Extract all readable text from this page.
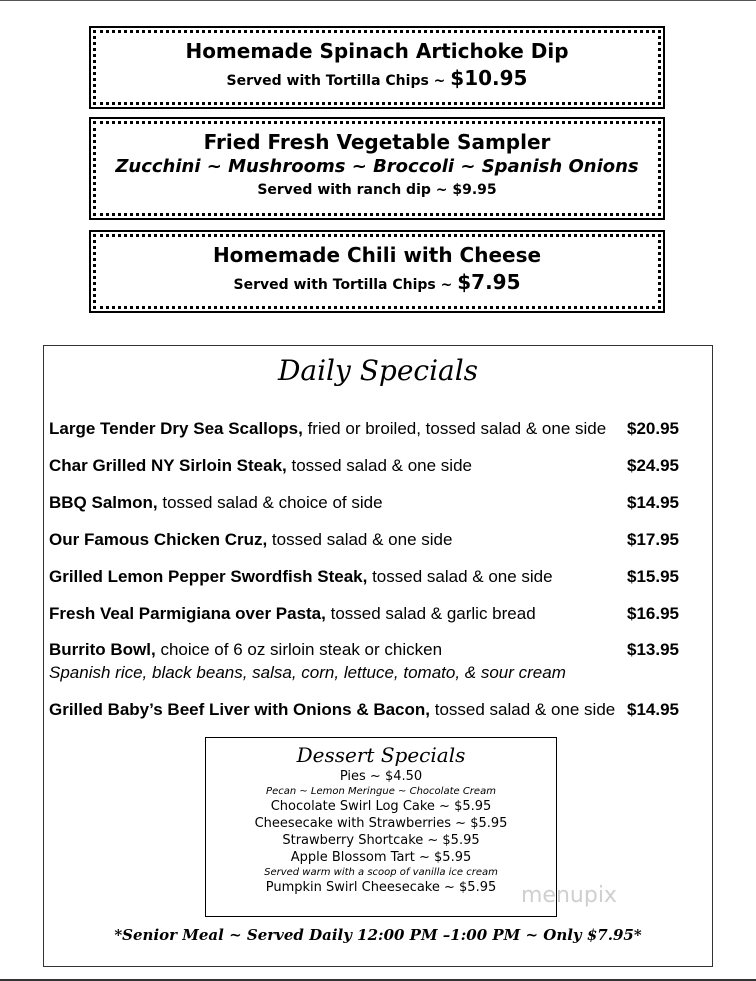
Homemade Spinach Artichoke Dip
Served with Tortilla Chips ~ $10.95
Fried Fresh Vegetable Sampler
Zucchini ~ Mushrooms ~ Broccoli ~ Spanish Onions
Served with ranch dip ~ $9.95
Homemade Chili with Cheese
Served with Tortilla Chips ~ $7.95
Daily Specials
Large Tender Dry Sea Scallops, fried or broiled, tossed salad & one side $20.95
Char Grilled NY Sirloin Steak, tossed salad & one side	$24.95
BBQ Salmon, tossed salad & choice of side	$14.95
Our Famous Chicken Cruz, tossed salad & one side	$17.95
Grilled Lemon Pepper Swordfish Steak, tossed salad & one side	$15.95
Fresh Veal Parmigiana over Pasta, tossed salad & garlic bread	$16.95
Burrito Bowl, choice of 6 oz sirloin steak or chicken	$13.95
Spanish rice, black beans, salsa, corn, lettuce, tomato, & sour cream
Grilled Baby’s Beef Liver with Onions & Bacon, tossed salad & one side $14.95
Dessert Specials
Pies ~ $4.50
Pecan ~ Lemon Meringue ~ Chocolate Cream
Chocolate Swirl Log Cake ~ $5.95
Cheesecake with Strawberries ~ $5.95
Strawberry Shortcake ~ $5.95
Apple Blossom Tart ~ $5.95
Served warm with a scoop of vanilla ice cream
Pumpkin Swirl Cheesecake ~ $5.95
*Senior Meal ~ Served Daily 12:00 PM –1:00 PM ~ Only $7.95*
menupix
